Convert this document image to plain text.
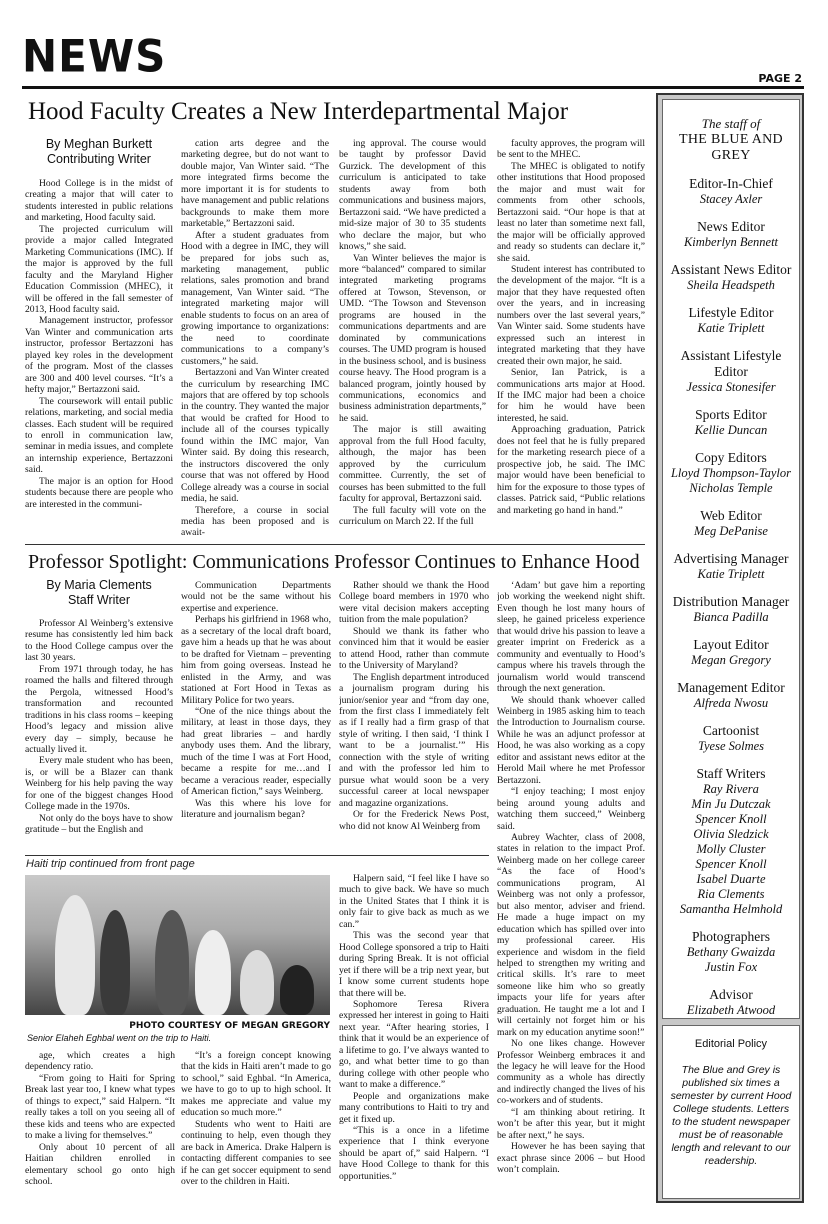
NEWS	PAGE 2
Hood Faculty Creates a New Interdepartmental Major
By Meghan Burkett
Contributing Writer

Hood College is in the midst of creating a major that will cater to students interested in public relations and marketing, Hood faculty said.

The projected curriculum will provide a major called Integrated Marketing Communications (IMC). If the major is approved by the full faculty and the Maryland Higher Education Commission (MHEC), it will be offered in the fall semester of 2013, Hood faculty said.

Management instructor, professor Van Winter and communication arts instructor, professor Bertazzoni has played key roles in the development of the program. Most of the classes are 300 and 400 level courses. “It’s a hefty major,” Bertazzoni said.

The coursework will entail public relations, marketing, and social media classes. Each student will be required to enroll in communication law, seminar in media issues, and complete an internship experience, Bertazzoni said.

The major is an option for Hood students because there are people who are interested in the communi-

cation arts degree and the marketing degree, but do not want to double major, Van Winter said. “The more integrated firms become the more important it is for students to have management and public relations backgrounds to make them more marketable,” Bertazzoni said.

After a student graduates from Hood with a degree in IMC, they will be prepared for jobs such as, marketing management, public relations, sales promotion and brand management, Van Winter said. “The integrated marketing major will enable students to focus on an area of growing importance to organizations: the need to coordinate communications to a company’s customers,” he said.

Bertazzoni and Van Winter created the curriculum by researching IMC majors that are offered by top schools in the country. They wanted the major that would be crafted for Hood to include all of the courses typically found within the IMC major, Van Winter said. By doing this research, the instructors discovered the only course that was not offered by Hood College already was a course in social media, he said.

Therefore, a course in social media has been proposed and is await-

ing approval. The course would be taught by professor David Gurzick. The development of this curriculum is anticipated to take students away from both communications and business majors, Bertazzoni said. “We have predicted a mid-size major of 30 to 35 students who declare the major, but who knows,” she said.

Van Winter believes the major is more “balanced” compared to similar integrated marketing programs offered at Towson, Stevenson, or UMD. “The Towson and Stevenson programs are housed in the communications departments and are dominated by communications courses. The UMD program is housed in the business school, and is business course heavy. The Hood program is a balanced program, jointly housed by communications, economics and business administration departments,” he said.

The major is still awaiting approval from the full Hood faculty, although, the major has been approved by the curriculum committee. Currently, the set of courses has been submitted to the full faculty for approval, Bertazzoni said.

The full faculty will vote on the curriculum on March 22. If the full

faculty approves, the program will be sent to the MHEC.

The MHEC is obligated to notify other institutions that Hood proposed the major and must wait for comments from other schools, Bertazzoni said. “Our hope is that at least no later than sometime next fall, the major will be officially approved and ready so students can declare it,” she said.

Student interest has contributed to the development of the major. “It is a major that they have requested often over the years, and in increasing numbers over the last several years,” Van Winter said. Some students have expressed such an interest in integrated marketing that they have created their own major, he said.

Senior, Ian Patrick, is a communications arts major at Hood. If the IMC major had been a choice for him he would have been interested, he said.

Approaching graduation, Patrick does not feel that he is fully prepared for the marketing research piece of a prospective job, he said. The IMC major would have been beneficial to him for the exposure to those types of classes. Patrick said, “Public relations and marketing go hand in hand.”

Professor Spotlight: Communications Professor Continues to Enhance Hood
By Maria Clements
Staff Writer

Professor Al Weinberg’s extensive resume has consistently led him back to the Hood College campus over the last 30 years.

From 1971 through today, he has roamed the halls and filtered through the Pergola, witnessed Hood’s transformation and recounted traditions in his class rooms – keeping Hood’s legacy and mission alive every day – simply, because he actually lived it.

Every male student who has been, is, or will be a Blazer can thank Weinberg for his help paving the way for one of the biggest changes Hood College made in the 1970s.

Not only do the boys have to show gratitude – but the English and

Communication Departments would not be the same without his expertise and experience.

Perhaps his girlfriend in 1968 who, as a secretary of the local draft board, gave him a heads up that he was about to be drafted for Vietnam – preventing him from going overseas. Instead he enlisted in the Army, and was stationed at Fort Hood in Texas as Military Police for two years.

“One of the nice things about the military, at least in those days, they had great libraries – and hardly anybody uses them. And the library, much of the time I was at Fort Hood, became a respite for me…and I became a veracious reader, especially of American fiction,” says Weinberg.

Was this where his love for literature and journalism began?

Rather should we thank the Hood College board members in 1970 who were vital decision makers accepting tuition from the male population?

Should we thank its father who convinced him that it would be easier to attend Hood, rather than commute to the University of Maryland?

The English department introduced a journalism program during his junior/senior year and “from day one, from the first class I immediately felt as if I really had a firm grasp of that style of writing. I then said, ‘I think I want to be a journalist.’” His connection with the style of writing and with the professor led him to pursue what would soon be a very successful career at local newspaper and magazine organizations.

Or for the Frederick News Post, who did not know Al Weinberg from

‘Adam’ but gave him a reporting job working the weekend night shift. Even though he lost many hours of sleep, he gained priceless experience that would drive his passion to leave a greater imprint on Frederick as a community and eventually to Hood’s campus where his travels through the journalism world would transcend through the next generation.

We should thank whoever called Weinberg in 1985 asking him to teach the Introduction to Journalism course. While he was an adjunct professor at Hood, he was also working as a copy editor and assistant news editor at the Herold Mail where he met Professor Bertazzoni.

“I enjoy teaching; I most enjoy being around young adults and watching them succeed,” Weinberg said.

Aubrey Wachter, class of 2008, states in relation to the impact Prof. Weinberg made on her college career “As the face of Hood’s communications program, Al Weinberg was not only a professor, but also mentor, adviser and friend. He made a huge impact on my education which has spilled over into my professional career. His experience and wisdom in the field helped to strengthen my writing and critical skills. It’s rare to meet someone like him who so greatly impacts your life for years after graduation. He taught me a lot and I will certainly not forget him or his mark on my education anytime soon!”

No one likes change. However Professor Weinberg embraces it and the legacy he will leave for the Hood community as a whole has directly and indirectly changed the lives of his co-workers and of students.

“I am thinking about retiring. It won’t be after this year, but it might be after next,” he says.

However he has been saying that exact phrase since 2006 – but Hood won’t complain.

Haiti trip continued from front page
PHOTO COURTESY OF MEGAN GREGORY
Senior Elaheh Eghbal went on the trip to Haiti.

age, which creates a high dependency ratio.

“From going to Haiti for Spring Break last year too, I knew what types of things to expect,” said Halpern. “It really takes a toll on you seeing all of these kids and teens who are expected to make a living for themselves.”

Only about 10 percent of all Haitian children enrolled in elementary school go onto high school.

“It’s a foreign concept knowing that the kids in Haiti aren’t made to go to school,” said Eghbal. “In America, we have to go to up to high school. It makes me appreciate and value my education so much more.”

Students who went to Haiti are continuing to help, even though they are back in America. Drake Halpern is contacting different companies to see if he can get soccer equipment to send over to the children in Haiti.

Halpern said, “I feel like I have so much to give back. We have so much in the United States that I think it is only fair to give back as much as we can.”

This was the second year that Hood College sponsored a trip to Haiti during Spring Break. It is not official yet if there will be a trip next year, but I know some current students hope that there will be.

Sophomore Teresa Rivera expressed her interest in going to Haiti next year. “After hearing stories, I think that it would be an experience of a lifetime to go. I’ve always wanted to go, and what better time to go than during college with other people who want to make a difference.”

People and organizations make many contributions to Haiti to try and get it fixed up.

“This is a once in a lifetime experience that I think everyone should be apart of,” said Halpern. “I have Hood College to thank for this opportunities.”

The staff of
THE BLUE AND GREY
Editor-In-Chief
Stacey Axler
News Editor
Kimberlyn Bennett
Assistant News Editor
Sheila Headspeth
Lifestyle Editor
Katie Triplett
Assistant Lifestyle Editor
Jessica Stonesifer
Sports Editor
Kellie Duncan
Copy Editors
Lloyd Thompson-Taylor
Nicholas Temple
Web Editor
Meg DePanise
Advertising Manager
Katie Triplett
Distribution Manager
Bianca Padilla
Layout Editor
Megan Gregory
Management Editor
Alfreda Nwosu
Cartoonist
Tyese Solmes
Staff Writers
Ray Rivera
Min Ju Dutczak
Spencer Knoll
Olivia Sledzick
Molly Cluster
Spencer Knoll
Isabel Duarte
Ria Clements
Samantha Helmhold
Photographers
Bethany Gwaizda
Justin Fox
Advisor
Elizabeth Atwood
Editorial Policy
The Blue and Grey is published six times a semester by current Hood College students. Letters to the student newspaper must be of reasonable length and relevant to our readership.
